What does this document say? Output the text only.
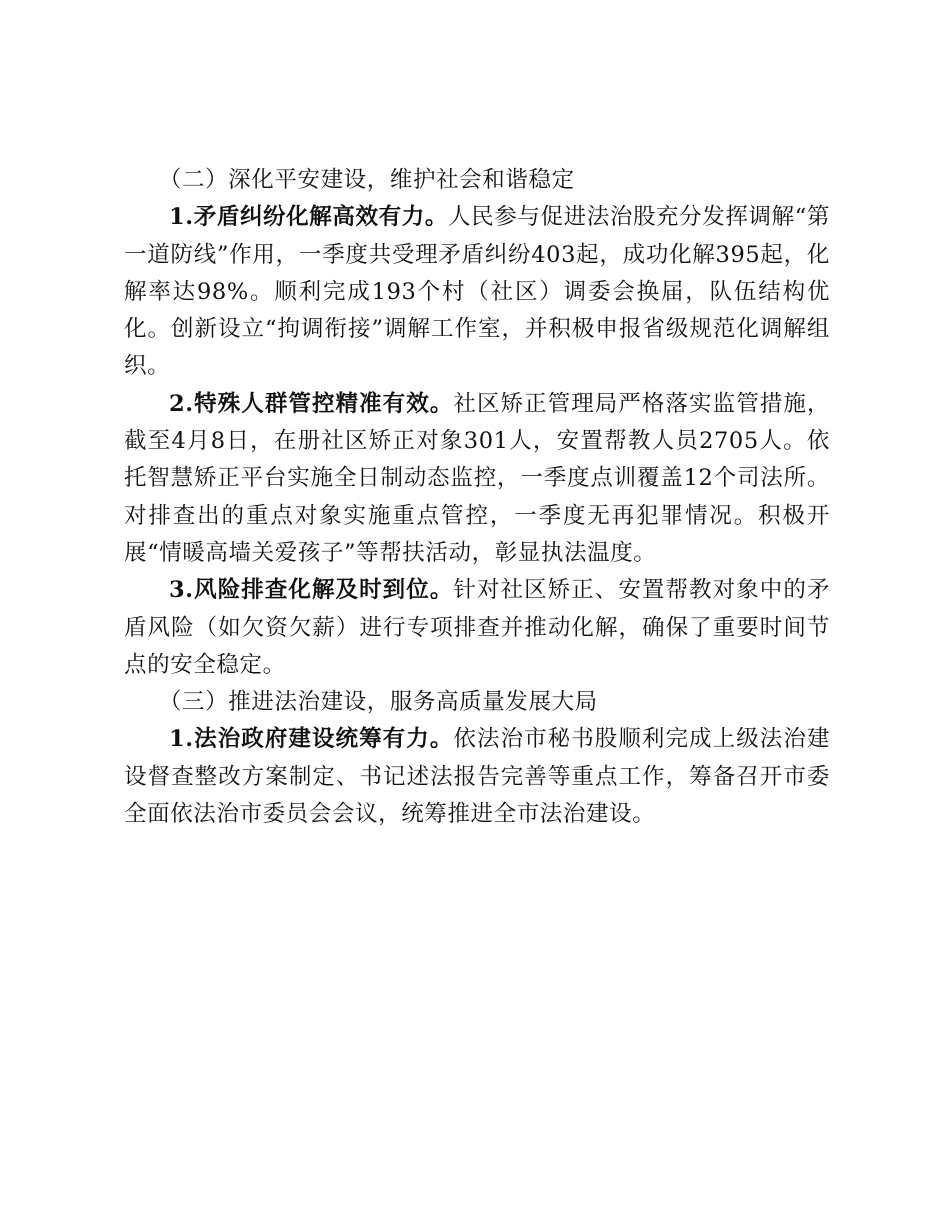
（二）深化平安建设，维护社会和谐稳定

1.矛盾纠纷化解高效有力。人民参与促进法治股充分发挥调解“第一道防线”作用，一季度共受理矛盾纠纷403起，成功化解395起，化解率达98%。顺利完成193个村（社区）调委会换届，队伍结构优化。创新设立“拘调衔接”调解工作室，并积极申报省级规范化调解组织。

2.特殊人群管控精准有效。社区矫正管理局严格落实监管措施，截至4月8日，在册社区矫正对象301人，安置帮教人员2705人。依托智慧矫正平台实施全日制动态监控，一季度点训覆盖12个司法所。对排查出的重点对象实施重点管控，一季度无再犯罪情况。积极开展“情暖高墙关爱孩子”等帮扶活动，彰显执法温度。

3.风险排查化解及时到位。针对社区矫正、安置帮教对象中的矛盾风险（如欠资欠薪）进行专项排查并推动化解，确保了重要时间节点的安全稳定。

（三）推进法治建设，服务高质量发展大局

1.法治政府建设统筹有力。依法治市秘书股顺利完成上级法治建设督查整改方案制定、书记述法报告完善等重点工作，筹备召开市委全面依法治市委员会会议，统筹推进全市法治建设。
